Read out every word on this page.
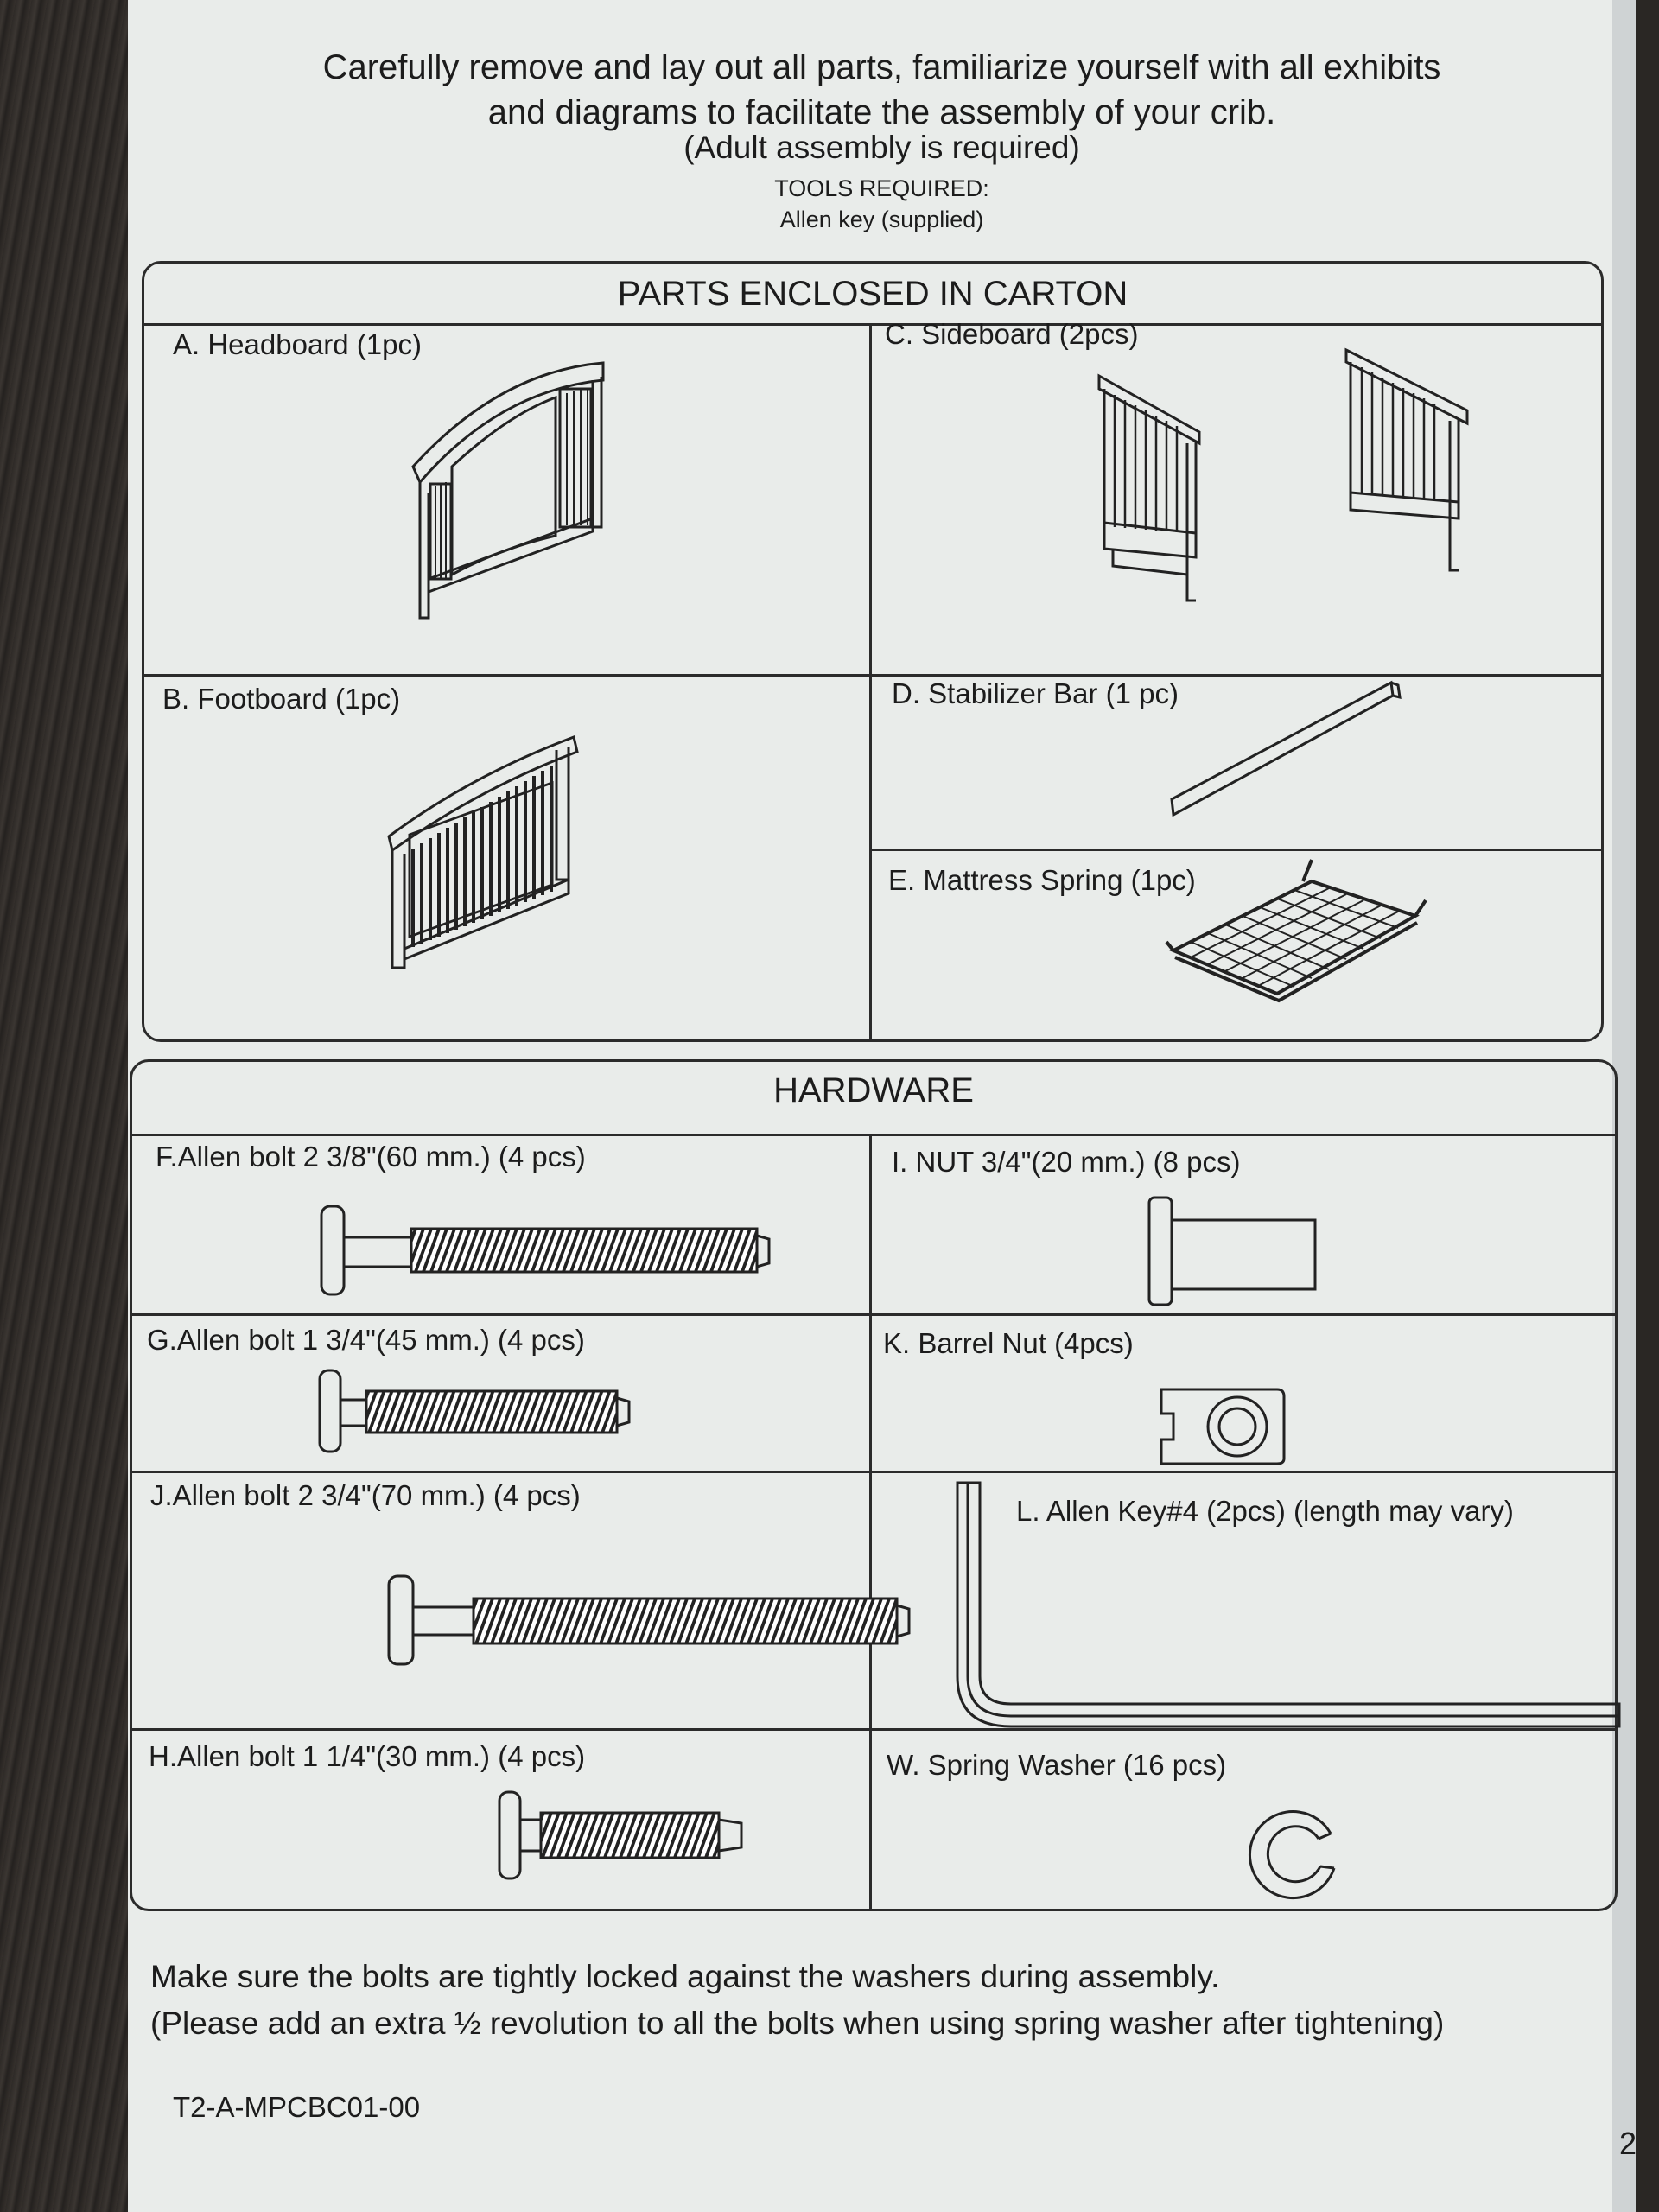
Carefully remove and lay out all parts, familiarize yourself with all exhibits
and diagrams to facilitate the assembly of your crib.
(Adult assembly is required)
TOOLS REQUIRED:
Allen key (supplied)
PARTS ENCLOSED IN CARTON
A. Headboard (1pc)	C. Sideboard (2pcs)
B. Footboard (1pc)	D. Stabilizer Bar (1 pc)
E. Mattress Spring (1pc)
HARDWARE
F.Allen bolt 2 3/8"(60 mm.) (4 pcs)	I. NUT 3/4"(20 mm.) (8 pcs)
G.Allen bolt 1 3/4"(45 mm.) (4 pcs)	K. Barrel Nut (4pcs)
J.Allen bolt 2 3/4"(70 mm.) (4 pcs)	L. Allen Key#4 (2pcs) (length may vary)
H.Allen bolt 1 1/4"(30 mm.) (4 pcs)	W. Spring Washer (16 pcs)
Make sure the bolts are tightly locked against the washers during assembly.
(Please add an extra ½ revolution to all the bolts when using spring washer after tightening)
T2-A-MPCBC01-00
2
